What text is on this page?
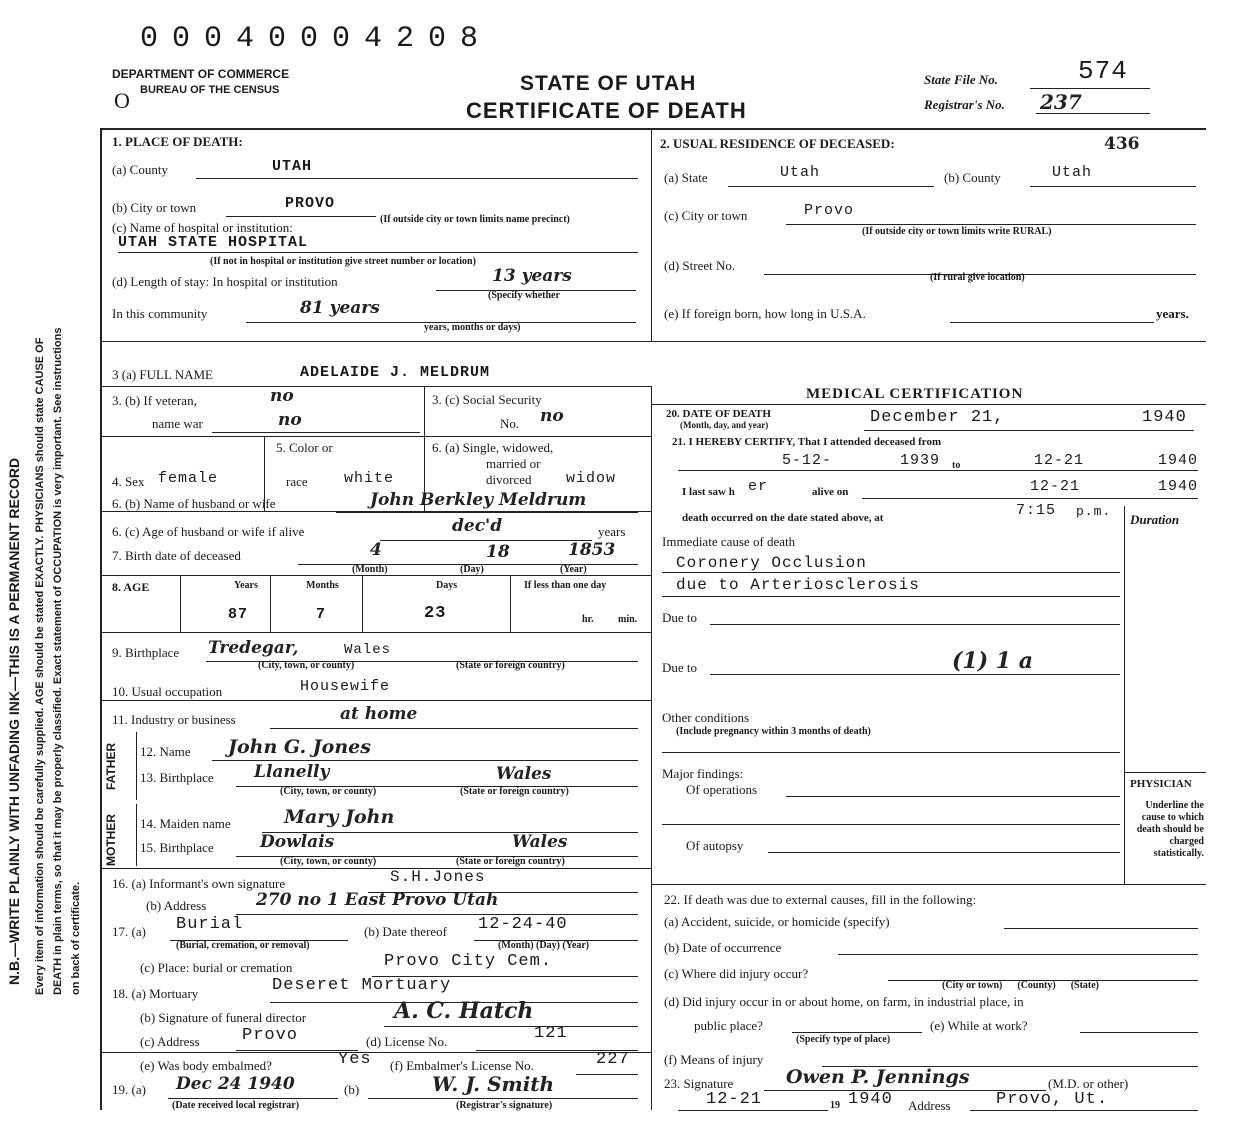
0 0 0 4 0 0 0 4 2 0 8
N.B.—WRITE PLAINLY WITH UNFADING INK—THIS IS A PERMANENT RECORD Every item of information should be carefully supplied. AGE should be stated EXACTLY. PHYSICIANS should state CAUSE OF DEATH in plain terms, so that it may be properly classified. Exact statement of OCCUPATION is very important. See instructions on back of certificate.
O
DEPARTMENT OF COMMERCE
BUREAU OF THE CENSUS	STATE OF UTAH
CERTIFICATE OF DEATH
State File No.	574
Registrar's No. 237
1. PLACE OF DEATH:
(a) County	UTAH
(b) City or town	PROVO
(If outside city or town limits name precinct)
(c) Name of hospital or institution:
UTAH STATE HOSPITAL
(If not in hospital or institution give street number or location)
(d) Length of stay: In hospital or institution	13 years
(Specify whether
In this community	81 years
years, months or days)
2. USUAL RESIDENCE OF DECEASED:	436
(a) State	Utah	(b) County	Utah
(c) City or town	Provo
(If outside city or town limits write RURAL)
(d) Street No.
(If rural give location)
(e) If foreign born, how long in U.S.A.	years.
3 (a) FULL NAME	ADELAIDE J. MELDRUM
3. (b) If veteran,	no
name war	no
3. (c) Social Security
No. no
5. Color or
4. Sex female	race white
6. (a) Single, widowed,
married or
divorced widow
6. (b) Name of husband or wife	John Berkley Meldrum
6. (c) Age of husband or wife if alive	dec'd	years
7. Birth date of deceased	4	18	1853
(Month)	(Day)	(Year)
8. AGE	Years	Months	Days	If less than one day
87	7	23	hr. min.
9. Birthplace Tredegar,	Wales
(City, town, or county)	(State or foreign country)
10. Usual occupation	Housewife
11. Industry or business	at home
FATHER 12. Name John G. Jones
13. Birthplace Llanelly	Wales
(City, town, or county)	(State or foreign country)
MOTHER 14. Maiden name	Mary John
15. Birthplace	Dowlais	Wales
(City, town, or county)	(State or foreign country)
16. (a) Informant's own signature	S.H.Jones
(b) Address	270 no 1 East Provo Utah
17. (a) Burial
(Burial, cremation, or removal)
(b) Date thereof 12-24-40
(Month) (Day) (Year)
(c) Place: burial or cremation	Provo City Cem.
18. (a) Mortuary	Deseret Mortuary
(b) Signature of funeral director	A. C. Hatch
(c) Address Provo	(d) License No.	121
(e) Was body embalmed?	Yes (f) Embalmer's License No.	227
19. (a) Dec 24 1940
(Date received local registrar)
(b)	W. J. Smith
(Registrar's signature)
MEDICAL CERTIFICATION
20. DATE OF DEATH
(Month, day, and year)	December 21,	1940
21. I HEREBY CERTIFY, That I attended deceased from
5-12-	1939 to	12-21	1940
I last saw h er	alive on	12-21	1940
death occurred on the date stated above, at	7:15 p.m.
Duration
Immediate cause of death
Coronery Occlusion
due to Arteriosclerosis
Due to
Due to	(1) 1 a
Other conditions
(Include pregnancy within 3 months of death)
Major findings:
Of operations
Of autopsy
PHYSICIAN
Underline the cause to which death should be charged statistically.
22. If death was due to external causes, fill in the following:
(a) Accident, suicide, or homicide (specify)
(b) Date of occurrence
(c) Where did injury occur?
(City or town)      (County)      (State)
(d) Did injury occur in or about home, on farm, in industrial place, in
public place?
(Specify type of place)
(e) While at work?
(f) Means of injury
23. Signature	Owen P. Jennings	(M.D. or other)
12-21	19 1940 Address	Provo, Ut.
